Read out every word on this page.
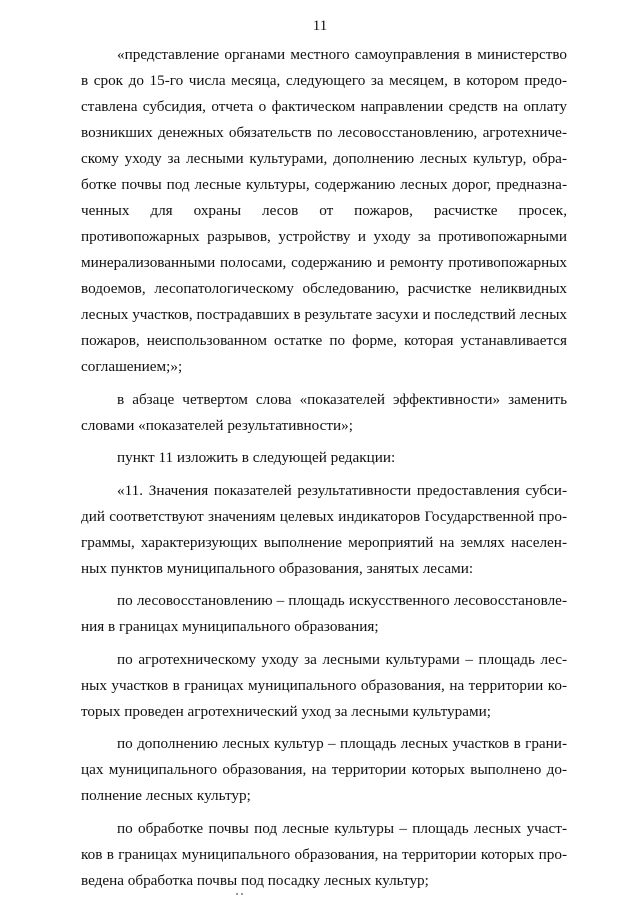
11

«представление органами местного самоуправления в министерство в срок до 15-го числа месяца, следующего за месяцем, в котором предоставлена субсидия, отчета о фактическом направлении средств на оплату возникших денежных обязательств по лесовосстановлению, агротехническому уходу за лесными культурами, дополнению лесных культур, обработке почвы под лесные культуры, содержанию лесных дорог, предназначенных для охраны лесов от пожаров, расчистке просек, противопожарных разрывов, устройству и уходу за противопожарными минерализованными полосами, содержанию и ремонту противопожарных водоемов, лесопатологическому обследованию, расчистке неликвидных лесных участков, пострадавших в результате засухи и последствий лесных пожаров, неиспользованном остатке по форме, которая устанавливается соглашением;»;

в абзаце четвертом слова «показателей эффективности» заменить словами «показателей результативности»;

пункт 11 изложить в следующей редакции:

«11. Значения показателей результативности предоставления субсидий соответствуют значениям целевых индикаторов Государственной программы, характеризующих выполнение мероприятий на землях населенных пунктов муниципального образования, занятых лесами:

по лесовосстановлению – площадь искусственного лесовосстановления в границах муниципального образования;

по агротехническому уходу за лесными культурами – площадь лесных участков в границах муниципального образования, на территории которых проведен агротехнический уход за лесными культурами;

по дополнению лесных культур – площадь лесных участков в границах муниципального образования, на территории которых выполнено дополнение лесных культур;

по обработке почвы под лесные культуры – площадь лесных участков в границах муниципального образования, на территории которых проведена обработка почвы под посадку лесных культур;
